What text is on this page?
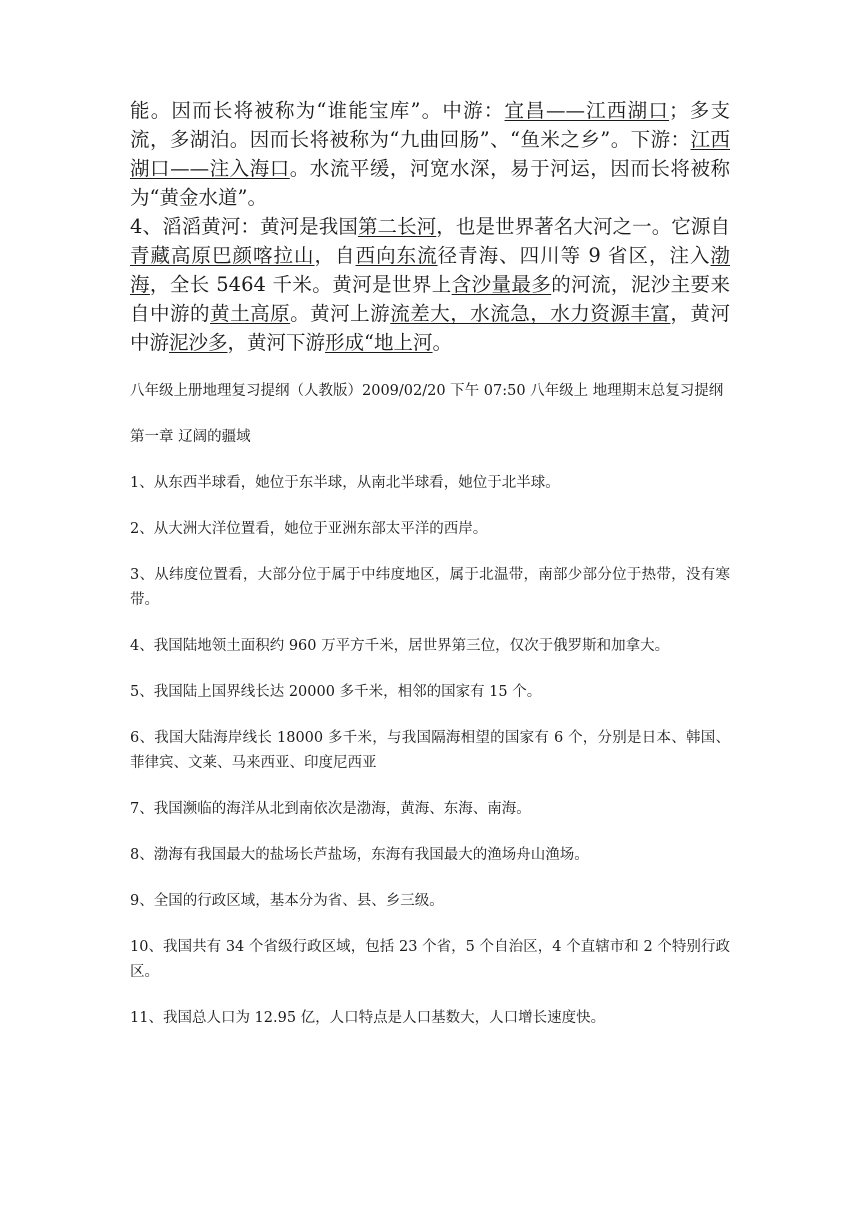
能。因而长将被称为“谁能宝库”。中游：宜昌——江西湖口；多支流，多湖泊。因而长将被称为“九曲回肠”、“鱼米之乡”。下游：江西湖口——注入海口。水流平缓，河宽水深，易于河运，因而长将被称为“黄金水道”。

4、滔滔黄河：黄河是我国第二长河，也是世界著名大河之一。它源自青藏高原巴颜喀拉山，自西向东流径青海、四川等 9 省区，注入渤海，全长 5464 千米。黄河是世界上含沙量最多的河流，泥沙主要来自中游的黄土高原。黄河上游流差大，水流急，水力资源丰富，黄河中游泥沙多，黄河下游形成“地上河。

八年级上册地理复习提纲（人教版）2009/02/20 下午 07:50 八年级上 地理期末总复习提纲

第一章 辽阔的疆域

1、从东西半球看，她位于东半球，从南北半球看，她位于北半球。

2、从大洲大洋位置看，她位于亚洲东部太平洋的西岸。

3、从纬度位置看，大部分位于属于中纬度地区，属于北温带，南部少部分位于热带，没有寒带。

4、我国陆地领土面积约 960 万平方千米，居世界第三位，仅次于俄罗斯和加拿大。

5、我国陆上国界线长达 20000 多千米，相邻的国家有 15 个。

6、我国大陆海岸线长 18000 多千米，与我国隔海相望的国家有 6 个，分别是日本、韩国、菲律宾、文莱、马来西亚、印度尼西亚

7、我国濒临的海洋从北到南依次是渤海，黄海、东海、南海。

8、渤海有我国最大的盐场长芦盐场，东海有我国最大的渔场舟山渔场。

9、全国的行政区域，基本分为省、县、乡三级。

10、我国共有 34 个省级行政区域，包括 23 个省，5 个自治区，4 个直辖市和 2 个特别行政区。

11、我国总人口为 12.95 亿，人口特点是人口基数大，人口增长速度快。
